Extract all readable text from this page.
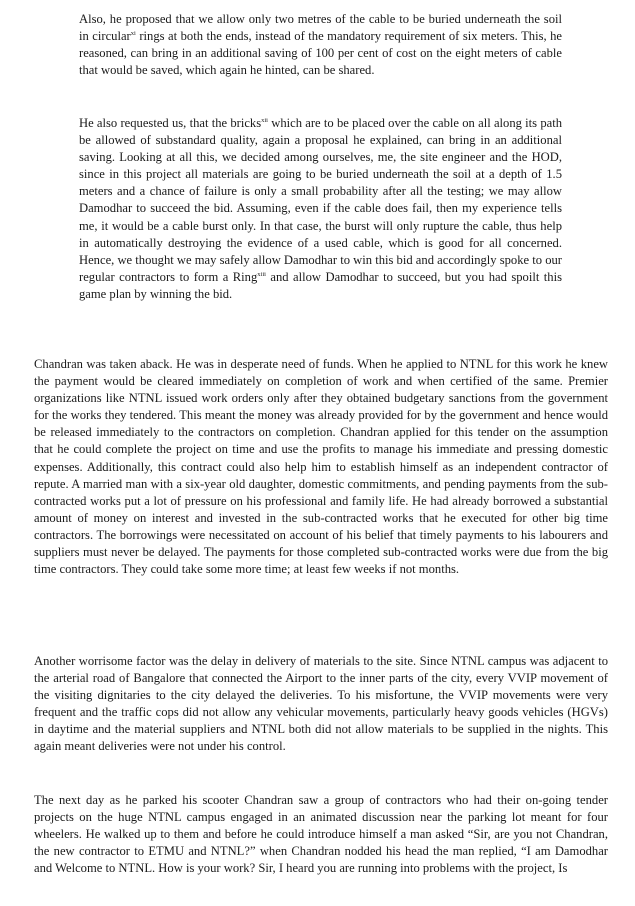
Also, he proposed that we allow only two metres of the cable to be buried underneath the soil in circular$^{xi}$ rings at both the ends, instead of the mandatory requirement of six meters. This, he reasoned, can bring in an additional saving of 100 per cent of cost on the eight meters of cable that would be saved, which again he hinted, can be shared.

He also requested us, that the bricks$^{xii}$ which are to be placed over the cable on all along its path be allowed of substandard quality, again a proposal he explained, can bring in an additional saving. Looking at all this, we decided among ourselves, me, the site engineer and the HOD, since in this project all materials are going to be buried underneath the soil at a depth of 1.5 meters and a chance of failure is only a small probability after all the testing; we may allow Damodhar to succeed the bid. Assuming, even if the cable does fail, then my experience tells me, it would be a cable burst only. In that case, the burst will only rupture the cable, thus help in automatically destroying the evidence of a used cable, which is good for all concerned. Hence, we thought we may safely allow Damodhar to win this bid and accordingly spoke to our regular contractors to form a Ring$^{xiii}$ and allow Damodhar to succeed, but you had spoilt this game plan by winning the bid.

Chandran was taken aback. He was in desperate need of funds. When he applied to NTNL for this work he knew the payment would be cleared immediately on completion of work and when certified of the same. Premier organizations like NTNL issued work orders only after they obtained budgetary sanctions from the government for the works they tendered. This meant the money was already provided for by the government and hence would be released immediately to the contractors on completion. Chandran applied for this tender on the assumption that he could complete the project on time and use the profits to manage his immediate and pressing domestic expenses. Additionally, this contract could also help him to establish himself as an independent contractor of repute. A married man with a six-year old daughter, domestic commitments, and pending payments from the sub-contracted works put a lot of pressure on his professional and family life. He had already borrowed a substantial amount of money on interest and invested in the sub-contracted works that he executed for other big time contractors. The borrowings were necessitated on account of his belief that timely payments to his labourers and suppliers must never be delayed. The payments for those completed sub-contracted works were due from the big time contractors. They could take some more time; at least few weeks if not months.

Another worrisome factor was the delay in delivery of materials to the site. Since NTNL campus was adjacent to the arterial road of Bangalore that connected the Airport to the inner parts of the city, every VVIP movement of the visiting dignitaries to the city delayed the deliveries. To his misfortune, the VVIP movements were very frequent and the traffic cops did not allow any vehicular movements, particularly heavy goods vehicles (HGVs) in daytime and the material suppliers and NTNL both did not allow materials to be supplied in the nights. This again meant deliveries were not under his control.

The next day as he parked his scooter Chandran saw a group of contractors who had their on-going tender projects on the huge NTNL campus engaged in an animated discussion near the parking lot meant for four wheelers. He walked up to them and before he could introduce himself a man asked “Sir, are you not Chandran, the new contractor to ETMU and NTNL?” when Chandran nodded his head the man replied, “I am Damodhar and Welcome to NTNL. How is your work? Sir, I heard you are running into problems with the project, Is
